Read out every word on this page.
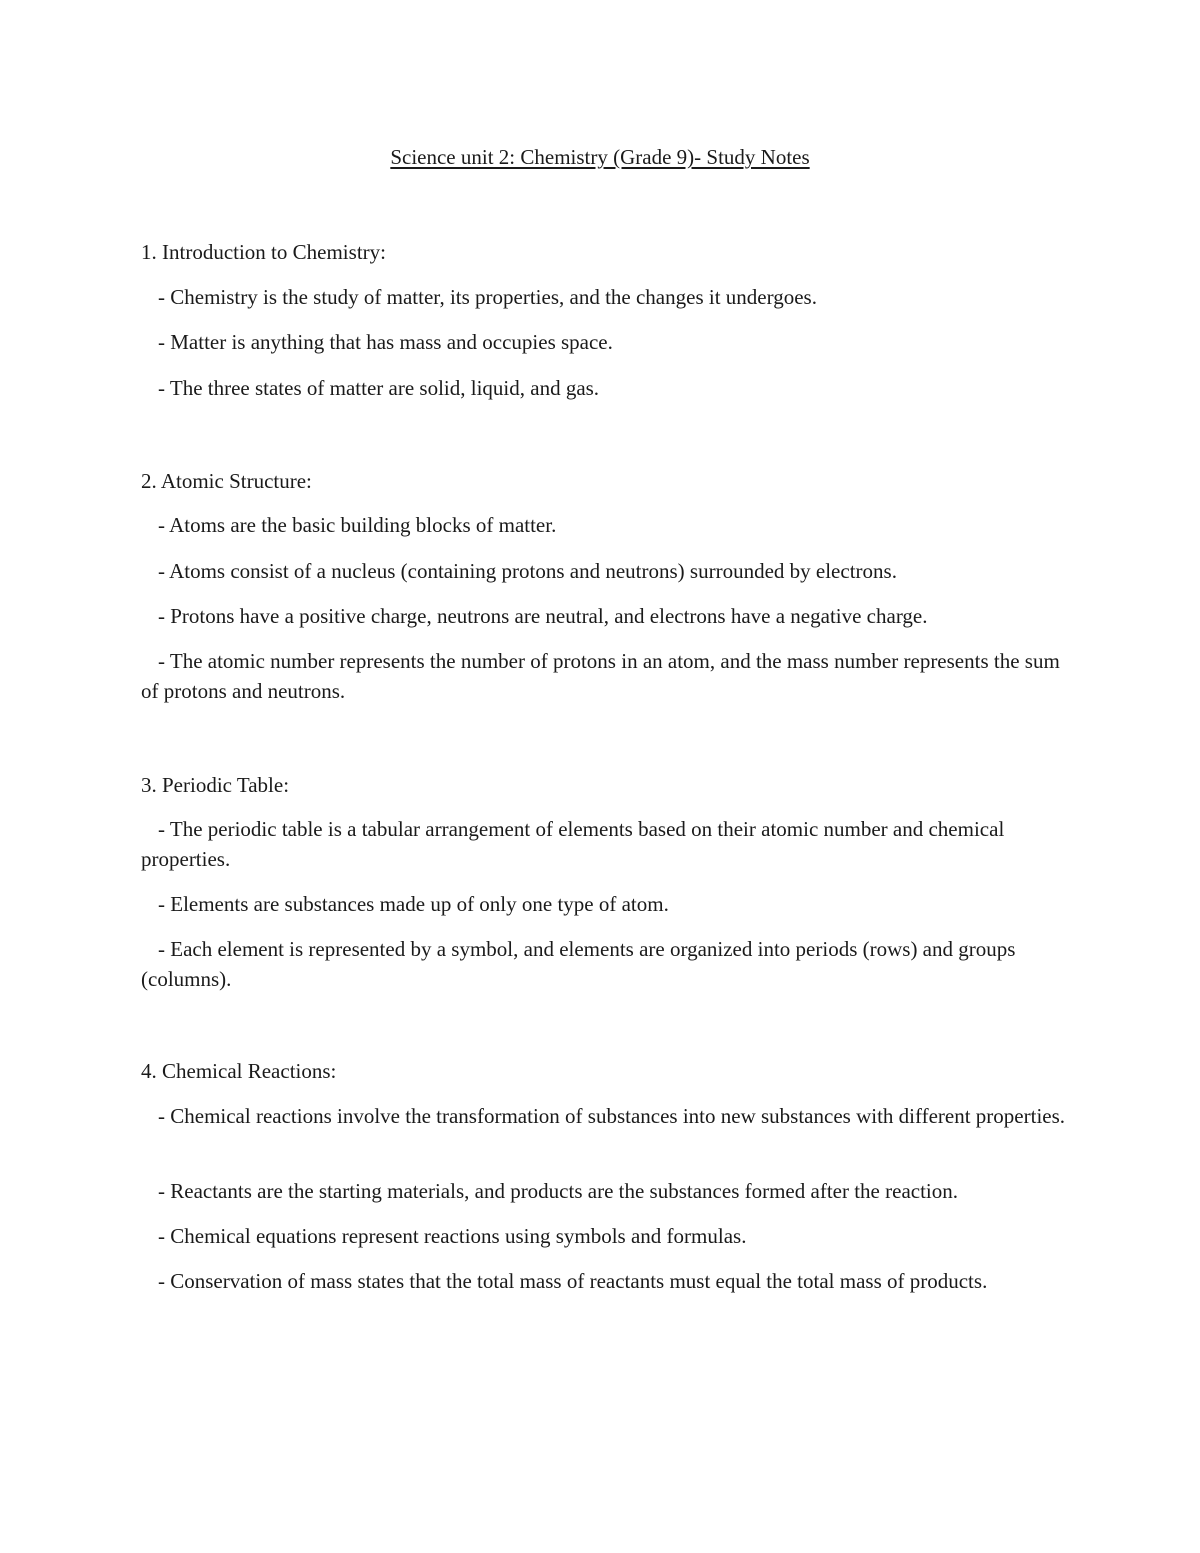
Science unit 2: Chemistry (Grade 9)- Study Notes
1. Introduction to Chemistry:

- Chemistry is the study of matter, its properties, and the changes it undergoes.

- Matter is anything that has mass and occupies space.

- The three states of matter are solid, liquid, and gas.

2. Atomic Structure:

- Atoms are the basic building blocks of matter.

- Atoms consist of a nucleus (containing protons and neutrons) surrounded by electrons.

- Protons have a positive charge, neutrons are neutral, and electrons have a negative charge.

- The atomic number represents the number of protons in an atom, and the mass number represents the sum of protons and neutrons.

3. Periodic Table:

- The periodic table is a tabular arrangement of elements based on their atomic number and chemical properties.

- Elements are substances made up of only one type of atom.

- Each element is represented by a symbol, and elements are organized into periods (rows) and groups (columns).

4. Chemical Reactions:

- Chemical reactions involve the transformation of substances into new substances with different properties.

- Reactants are the starting materials, and products are the substances formed after the reaction.

- Chemical equations represent reactions using symbols and formulas.

- Conservation of mass states that the total mass of reactants must equal the total mass of products.
